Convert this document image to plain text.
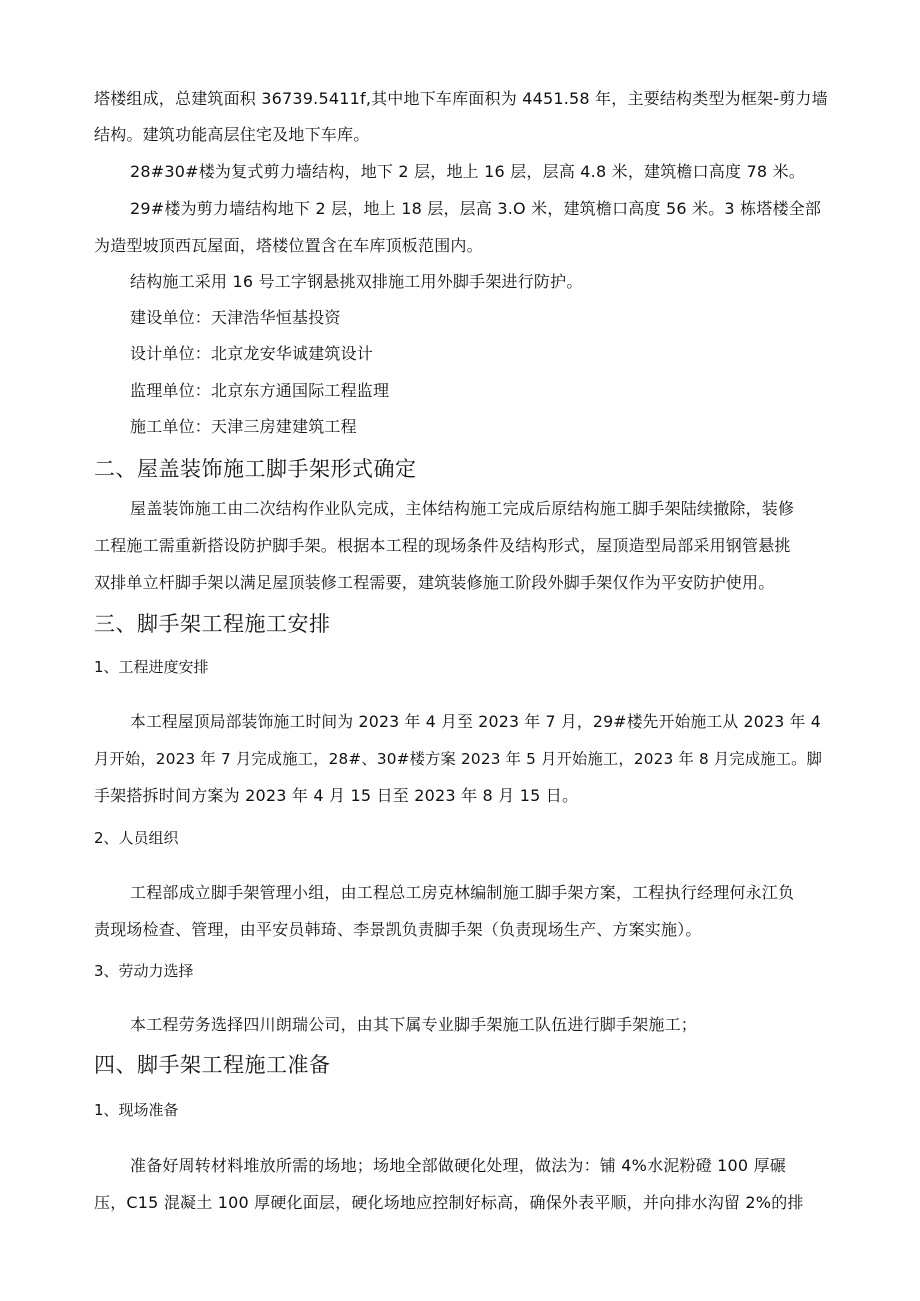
塔楼组成，总建筑面积 36739.5411f,其中地下车库面积为 4451.58 年，主要结构类型为框架-剪力墙
结构。建筑功能高层住宅及地下车库。
28#30#楼为复式剪力墙结构，地下 2 层，地上 16 层，层高 4.8 米，建筑檐口高度 78 米。
29#楼为剪力墙结构地下 2 层，地上 18 层，层高 3.O 米，建筑檐口高度 56 米。3 栋塔楼全部
为造型坡顶西瓦屋面，塔楼位置含在车库顶板范围内。
结构施工采用 16 号工字钢悬挑双排施工用外脚手架进行防护。
建设单位：天津浩华恒基投资
设计单位：北京龙安华诚建筑设计
监理单位：北京东方通国际工程监理
施工单位：天津三房建建筑工程
二、屋盖装饰施工脚手架形式确定
屋盖装饰施工由二次结构作业队完成，主体结构施工完成后原结构施工脚手架陆续撤除，装修
工程施工需重新搭设防护脚手架。根据本工程的现场条件及结构形式，屋顶造型局部采用钢管悬挑
双排单立杆脚手架以满足屋顶装修工程需要，建筑装修施工阶段外脚手架仅作为平安防护使用。
三、脚手架工程施工安排
1、工程进度安排
本工程屋顶局部装饰施工时间为 2023 年 4 月至 2023 年 7 月，29#楼先开始施工从 2023 年 4
月开始，2023 年 7 月完成施工，28#、30#楼方案 2023 年 5 月开始施工，2023 年 8 月完成施工。脚
手架搭拆时间方案为 2023 年 4 月 15 日至 2023 年 8 月 15 日。
2、人员组织
工程部成立脚手架管理小组，由工程总工房克林编制施工脚手架方案，工程执行经理何永江负
责现场检查、管理，由平安员韩琦、李景凯负责脚手架（负责现场生产、方案实施）。
3、劳动力选择
本工程劳务选择四川朗瑞公司，由其下属专业脚手架施工队伍进行脚手架施工；
四、脚手架工程施工准备
1、现场准备
准备好周转材料堆放所需的场地；场地全部做硬化处理，做法为：铺 4%水泥粉磴 100 厚碾
压，C15 混凝土 100 厚硬化面层，硬化场地应控制好标高，确保外表平顺，并向排水沟留 2%的排
